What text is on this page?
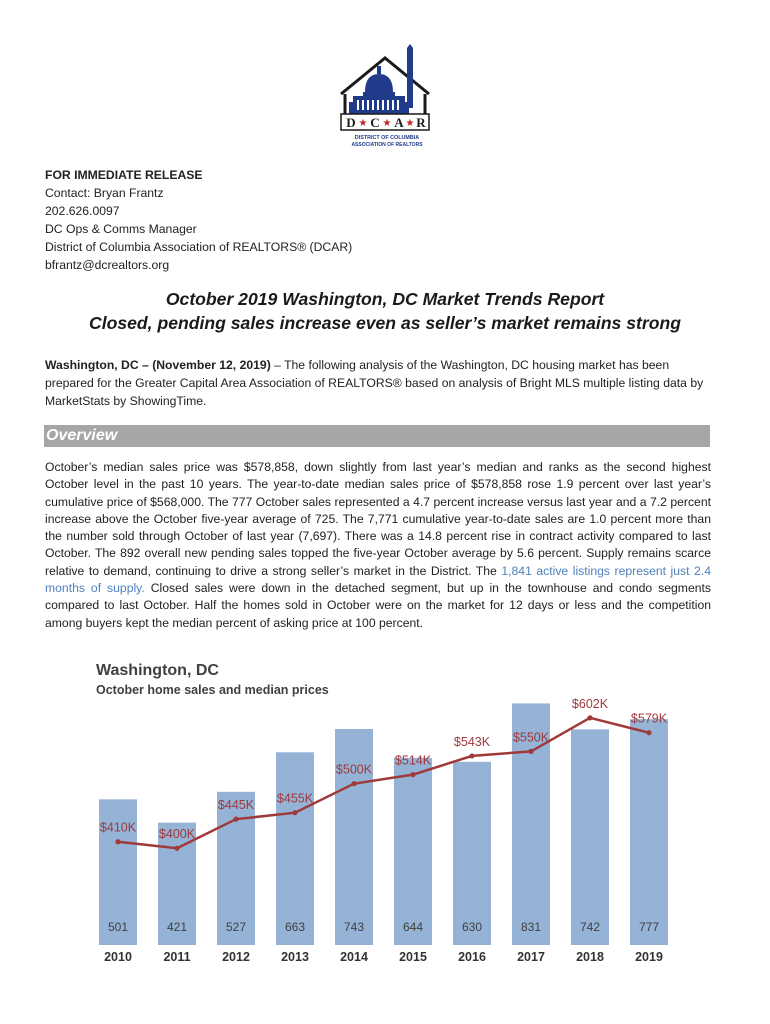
D ★ C ★ A ★ R
DISTRICT OF COLUMBIA
ASSOCIATION OF REALTORS
FOR IMMEDIATE RELEASE
Contact: Bryan Frantz
202.626.0097
DC Ops & Comms Manager
District of Columbia Association of REALTORS® (DCAR)
bfrantz@dcrealtors.org
October 2019 Washington, DC Market Trends Report
Closed, pending sales increase even as seller’s market remains strong
Washington, DC – (November 12, 2019) – The following analysis of the Washington, DC housing market has been prepared for the Greater Capital Area Association of REALTORS® based on analysis of Bright MLS multiple listing data by MarketStats by ShowingTime.
Overview
October’s median sales price was $578,858, down slightly from last year’s median and ranks as the second highest October level in the past 10 years. The year-to-date median sales price of $578,858 rose 1.9 percent over last year’s cumulative price of $568,000. The 777 October sales represented a 4.7 percent increase versus last year and a 7.2 percent increase above the October five-year average of 725. The 7,771 cumulative year-to-date sales are 1.0 percent more than the number sold through October of last year (7,697). There was a 14.8 percent rise in contract activity compared to last October. The 892 overall new pending sales topped the five-year October average by 5.6 percent. Supply remains scarce relative to demand, continuing to drive a strong seller’s market in the District. The 1,841 active listings represent just 2.4 months of supply. Closed sales were down in the detached segment, but up in the townhouse and condo segments compared to last October. Half the homes sold in October were on the market for 12 days or less and the competition among buyers kept the median percent of asking price at 100 percent.
Washington, DC
October home sales and median prices
501	421	527	663	743	644	630	831	742	777
2010	2011	2012 2013 2014 2015 2016 2017 2018 2019
$410K $400K
$445K $455K
$500K
$514K
$543K $550K
$602K
$579K
